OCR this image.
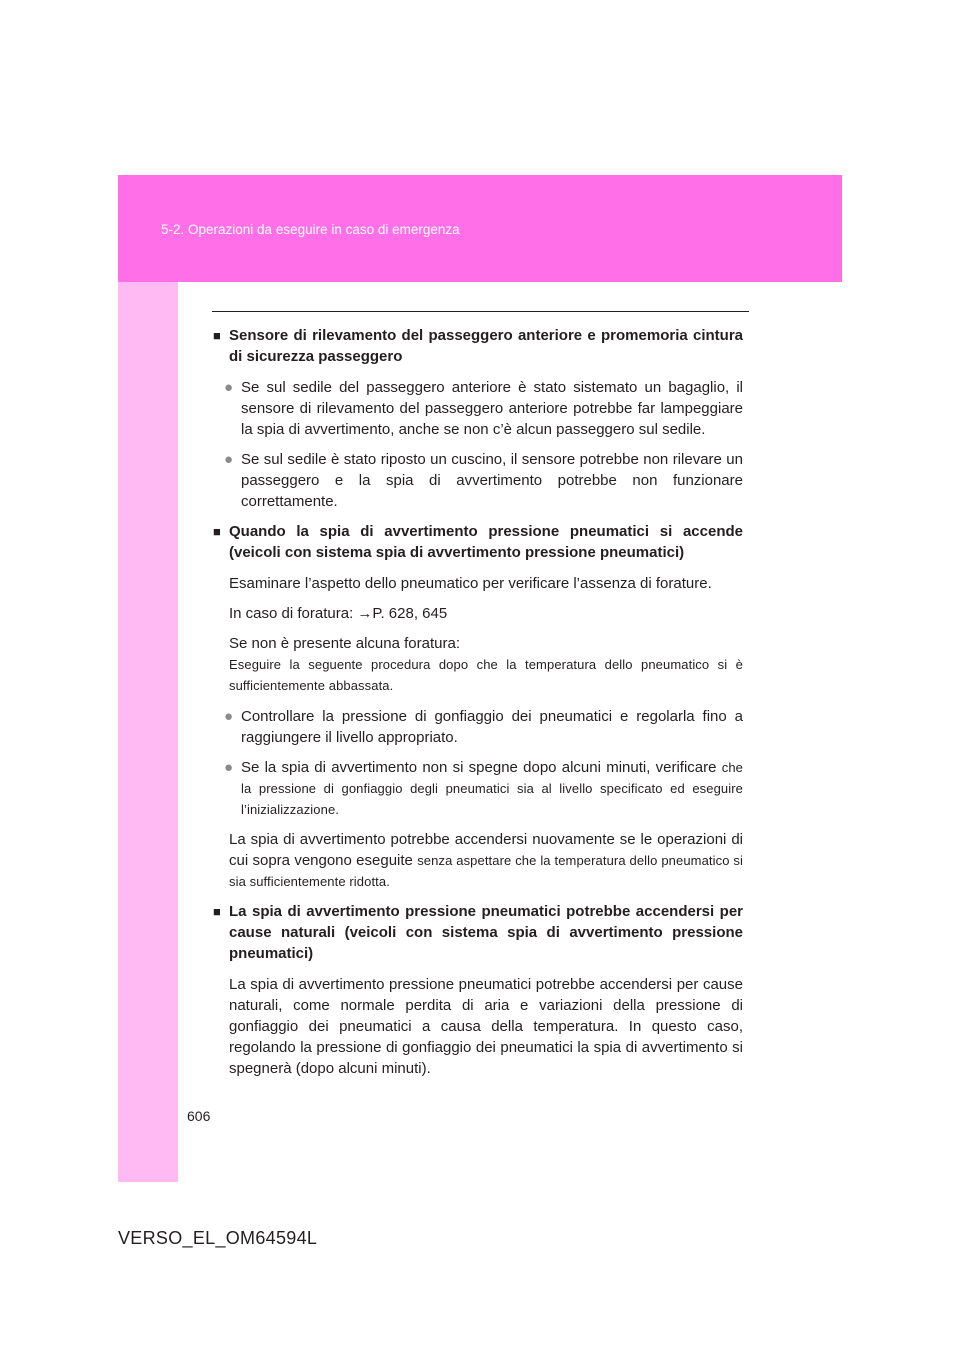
5-2. Operazioni da eseguire in caso di emergenza
■ Sensore di rilevamento del passeggero anteriore e promemoria cintura di sicurezza passeggero
● Se sul sedile del passeggero anteriore è stato sistemato un bagaglio, il sensore di rilevamento del passeggero anteriore potrebbe far lampeggiare la spia di avvertimento, anche se non c’è alcun passeggero sul sedile.
● Se sul sedile è stato riposto un cuscino, il sensore potrebbe non rilevare un passeggero e la spia di avvertimento potrebbe non funzionare correttamente.
■ Quando la spia di avvertimento pressione pneumatici si accende (veicoli con sistema spia di avvertimento pressione pneumatici)
Esaminare l’aspetto dello pneumatico per verificare l’assenza di forature.
In caso di foratura: →P. 628, 645
Se non è presente alcuna foratura:
Eseguire la seguente procedura dopo che la temperatura dello pneumatico si è sufficientemente abbassata.
● Controllare la pressione di gonfiaggio dei pneumatici e regolarla fino a raggiungere il livello appropriato.
● Se la spia di avvertimento non si spegne dopo alcuni minuti, verificare che la pressione di gonfiaggio degli pneumatici sia al livello specificato ed eseguire l’inizializzazione.
La spia di avvertimento potrebbe accendersi nuovamente se le operazioni di cui sopra vengono eseguite senza aspettare che la temperatura dello pneumatico si sia sufficientemente ridotta.
■ La spia di avvertimento pressione pneumatici potrebbe accendersi per cause naturali (veicoli con sistema spia di avvertimento pressione pneumatici)
La spia di avvertimento pressione pneumatici potrebbe accendersi per cause naturali, come normale perdita di aria e variazioni della pressione di gonfiaggio dei pneumatici a causa della temperatura. In questo caso, regolando la pressione di gonfiaggio dei pneumatici la spia di avvertimento si spegnerà (dopo alcuni minuti).
606
VERSO_EL_OM64594L
